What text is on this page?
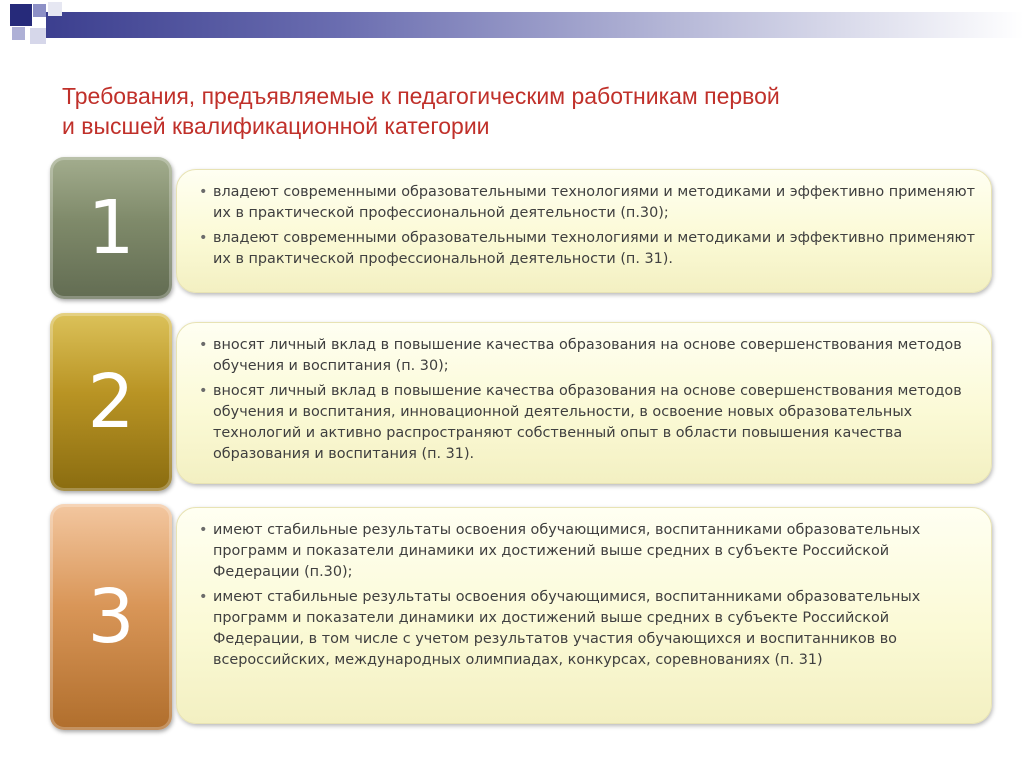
Требования, предъявляемые к педагогическим работникам первой
и высшей квалификационной категории
1	• владеют современными образовательными технологиями и методиками и эффективно применяют их в практической профессиональной деятельности (п.30);
• владеют современными образовательными технологиями и методиками и эффективно применяют их в практической профессиональной деятельности (п. 31).
2
• вносят личный вклад в повышение качества образования на основе совершенствования методов обучения и воспитания (п. 30);
• вносят личный вклад в повышение качества образования на основе совершенствования методов обучения и воспитания, инновационной деятельности, в освоение новых образовательных технологий и активно распространяют собственный опыт в области повышения качества образования и воспитания (п. 31).
3
• имеют стабильные результаты освоения обучающимися, воспитанниками образовательных программ и показатели динамики их достижений выше средних в субъекте Российской Федерации (п.30);
• имеют стабильные результаты освоения обучающимися, воспитанниками образовательных программ и показатели динамики их достижений выше средних в субъекте Российской Федерации, в том числе с учетом результатов участия обучающихся и воспитанников во всероссийских, международных олимпиадах, конкурсах, соревнованиях (п. 31)
